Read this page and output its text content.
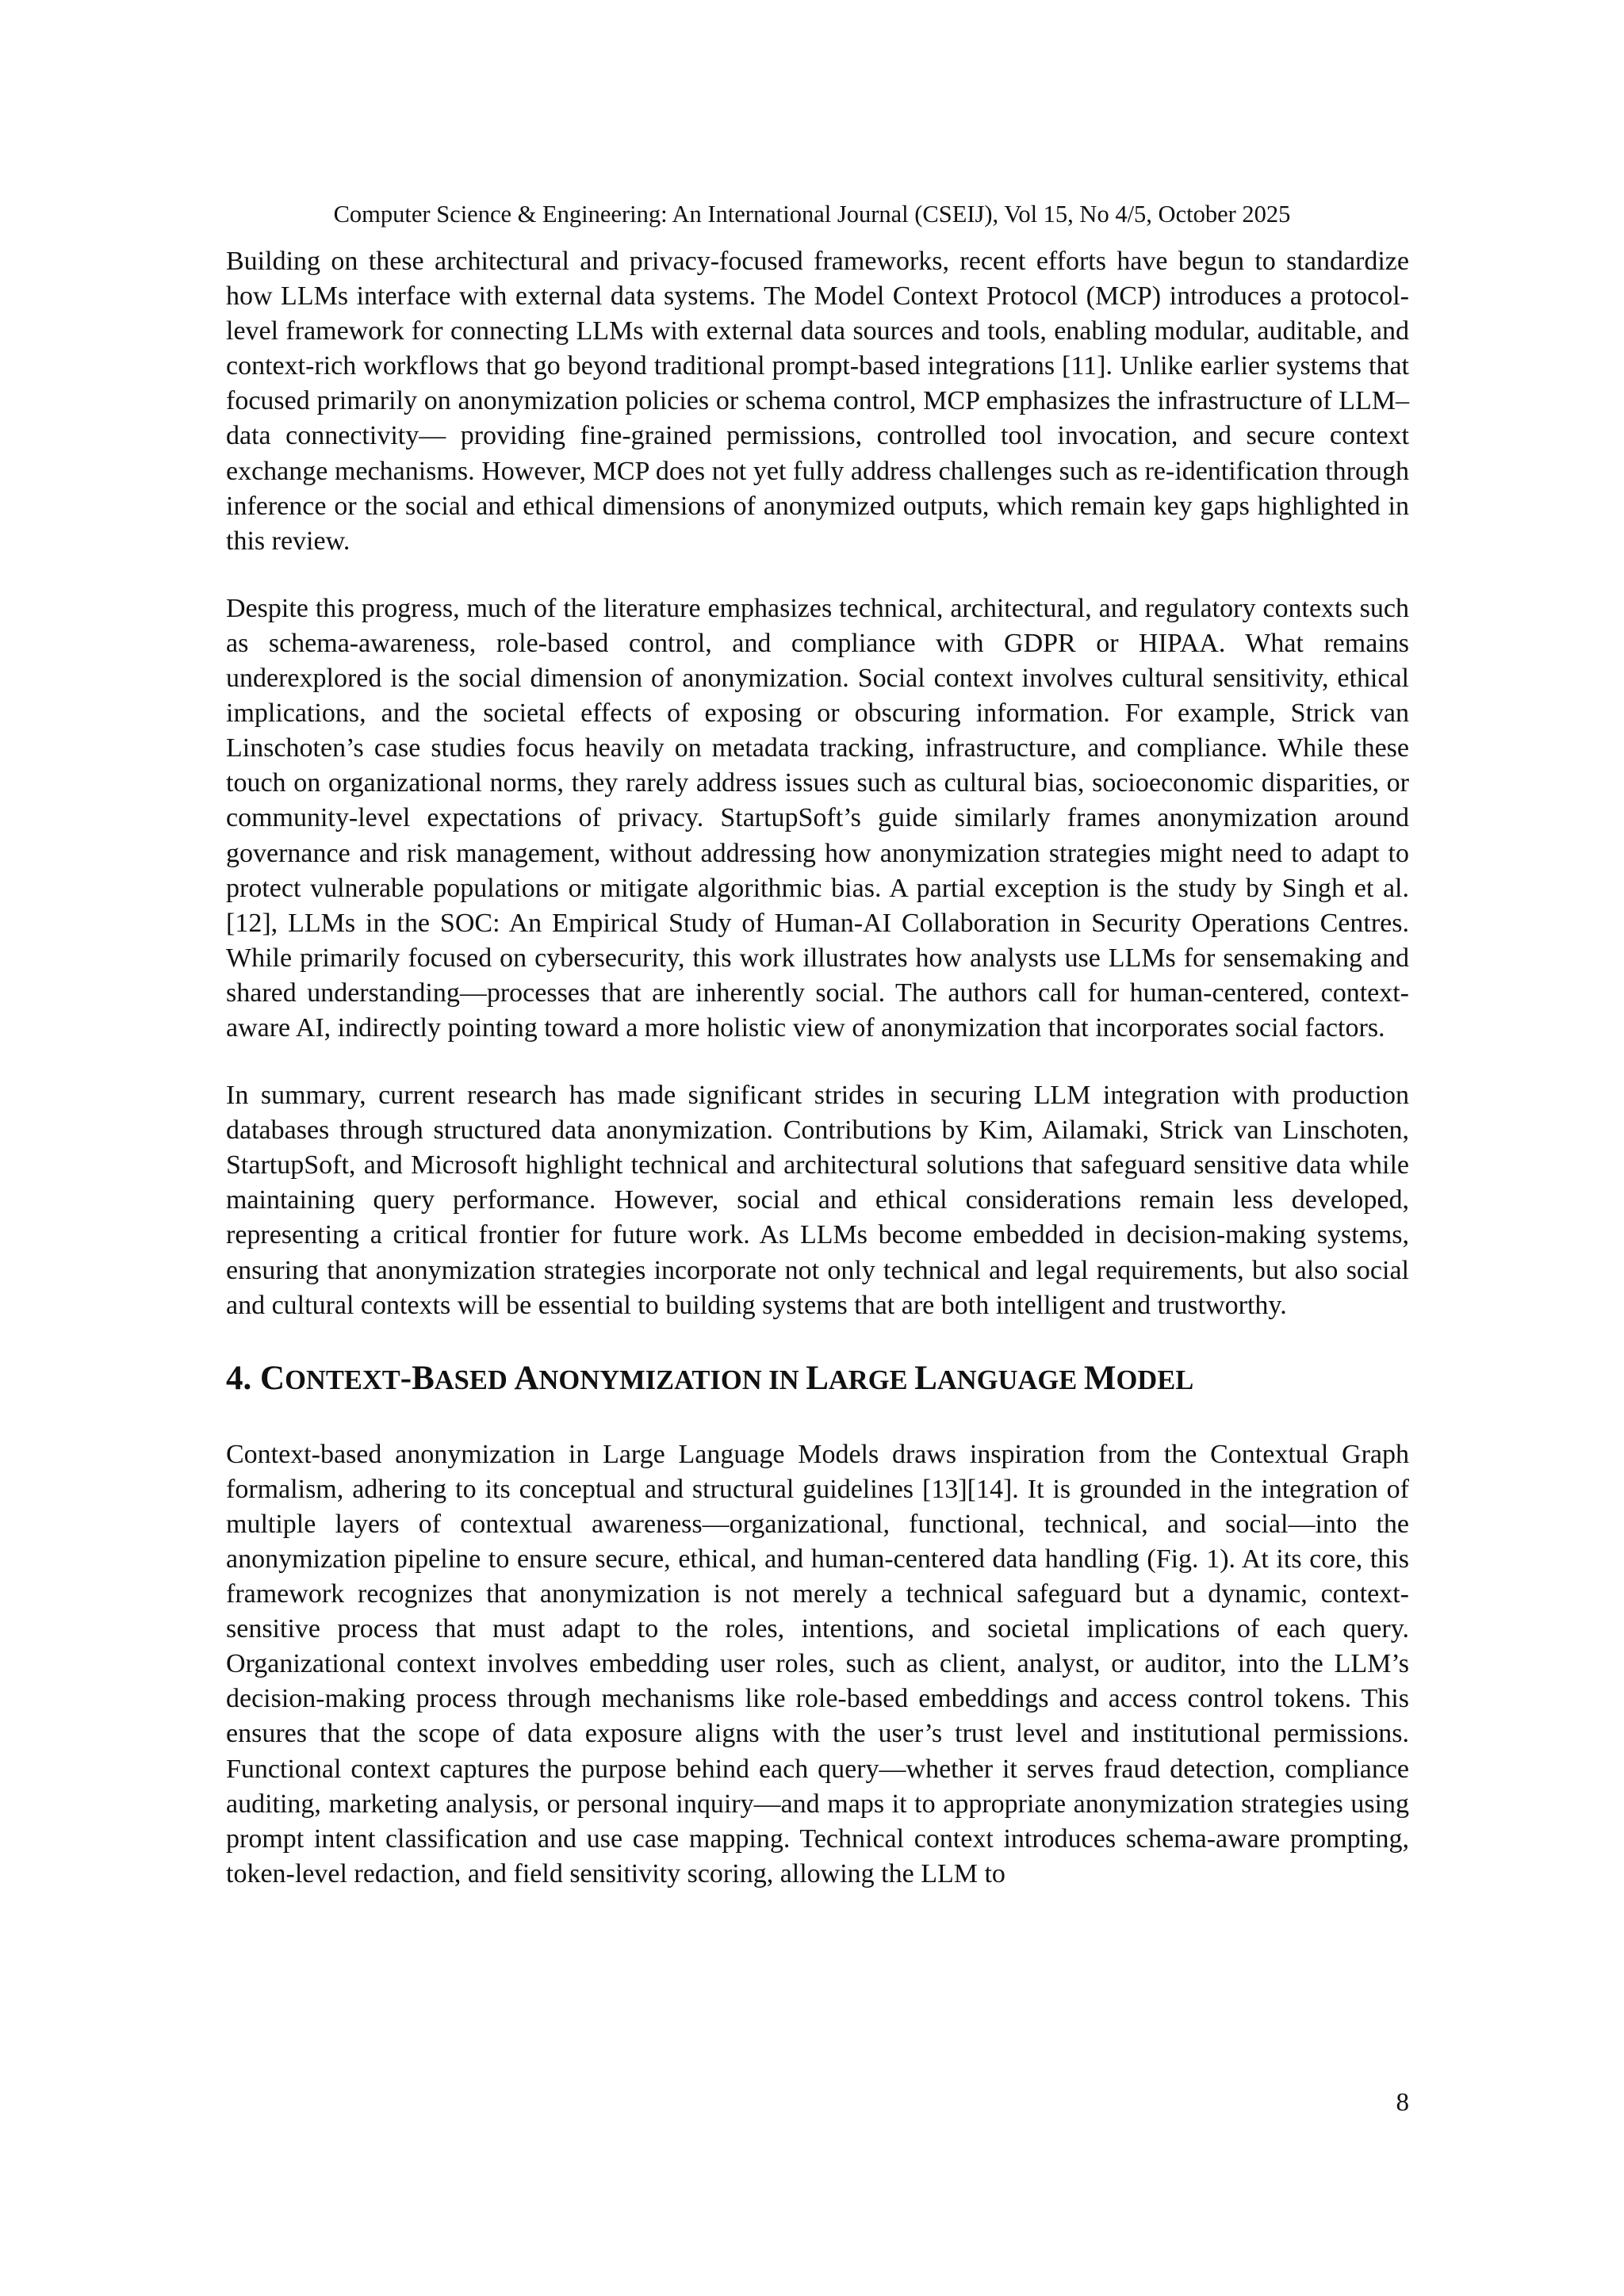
Computer Science & Engineering: An International Journal (CSEIJ), Vol 15, No 4/5, October 2025

Building on these architectural and privacy-focused frameworks, recent efforts have begun to standardize how LLMs interface with external data systems. The Model Context Protocol (MCP) introduces a protocol-level framework for connecting LLMs with external data sources and tools, enabling modular, auditable, and context-rich workflows that go beyond traditional prompt-based integrations [11]. Unlike earlier systems that focused primarily on anonymization policies or schema control, MCP emphasizes the infrastructure of LLM–data connectivity— providing fine-grained permissions, controlled tool invocation, and secure context exchange mechanisms. However, MCP does not yet fully address challenges such as re-identification through inference or the social and ethical dimensions of anonymized outputs, which remain key gaps highlighted in this review.

Despite this progress, much of the literature emphasizes technical, architectural, and regulatory contexts such as schema-awareness, role-based control, and compliance with GDPR or HIPAA. What remains underexplored is the social dimension of anonymization. Social context involves cultural sensitivity, ethical implications, and the societal effects of exposing or obscuring information. For example, Strick van Linschoten’s case studies focus heavily on metadata tracking, infrastructure, and compliance. While these touch on organizational norms, they rarely address issues such as cultural bias, socioeconomic disparities, or community-level expectations of privacy. StartupSoft’s guide similarly frames anonymization around governance and risk management, without addressing how anonymization strategies might need to adapt to protect vulnerable populations or mitigate algorithmic bias. A partial exception is the study by Singh et al. [12], LLMs in the SOC: An Empirical Study of Human-AI Collaboration in Security Operations Centres. While primarily focused on cybersecurity, this work illustrates how analysts use LLMs for sensemaking and shared understanding—processes that are inherently social. The authors call for human-centered, context-aware AI, indirectly pointing toward a more holistic view of anonymization that incorporates social factors.

In summary, current research has made significant strides in securing LLM integration with production databases through structured data anonymization. Contributions by Kim, Ailamaki, Strick van Linschoten, StartupSoft, and Microsoft highlight technical and architectural solutions that safeguard sensitive data while maintaining query performance. However, social and ethical considerations remain less developed, representing a critical frontier for future work. As LLMs become embedded in decision-making systems, ensuring that anonymization strategies incorporate not only technical and legal requirements, but also social and cultural contexts will be essential to building systems that are both intelligent and trustworthy.

4. CONTEXT-BASED ANONYMIZATION IN LARGE LANGUAGE MODEL

Context-based anonymization in Large Language Models draws inspiration from the Contextual Graph formalism, adhering to its conceptual and structural guidelines [13][14]. It is grounded in the integration of multiple layers of contextual awareness—organizational, functional, technical, and social—into the anonymization pipeline to ensure secure, ethical, and human-centered data handling (Fig. 1). At its core, this framework recognizes that anonymization is not merely a technical safeguard but a dynamic, context-sensitive process that must adapt to the roles, intentions, and societal implications of each query. Organizational context involves embedding user roles, such as client, analyst, or auditor, into the LLM’s decision-making process through mechanisms like role-based embeddings and access control tokens. This ensures that the scope of data exposure aligns with the user’s trust level and institutional permissions. Functional context captures the purpose behind each query—whether it serves fraud detection, compliance auditing, marketing analysis, or personal inquiry—and maps it to appropriate anonymization strategies using prompt intent classification and use case mapping. Technical context introduces schema-aware prompting, token-level redaction, and field sensitivity scoring, allowing the LLM to

8
